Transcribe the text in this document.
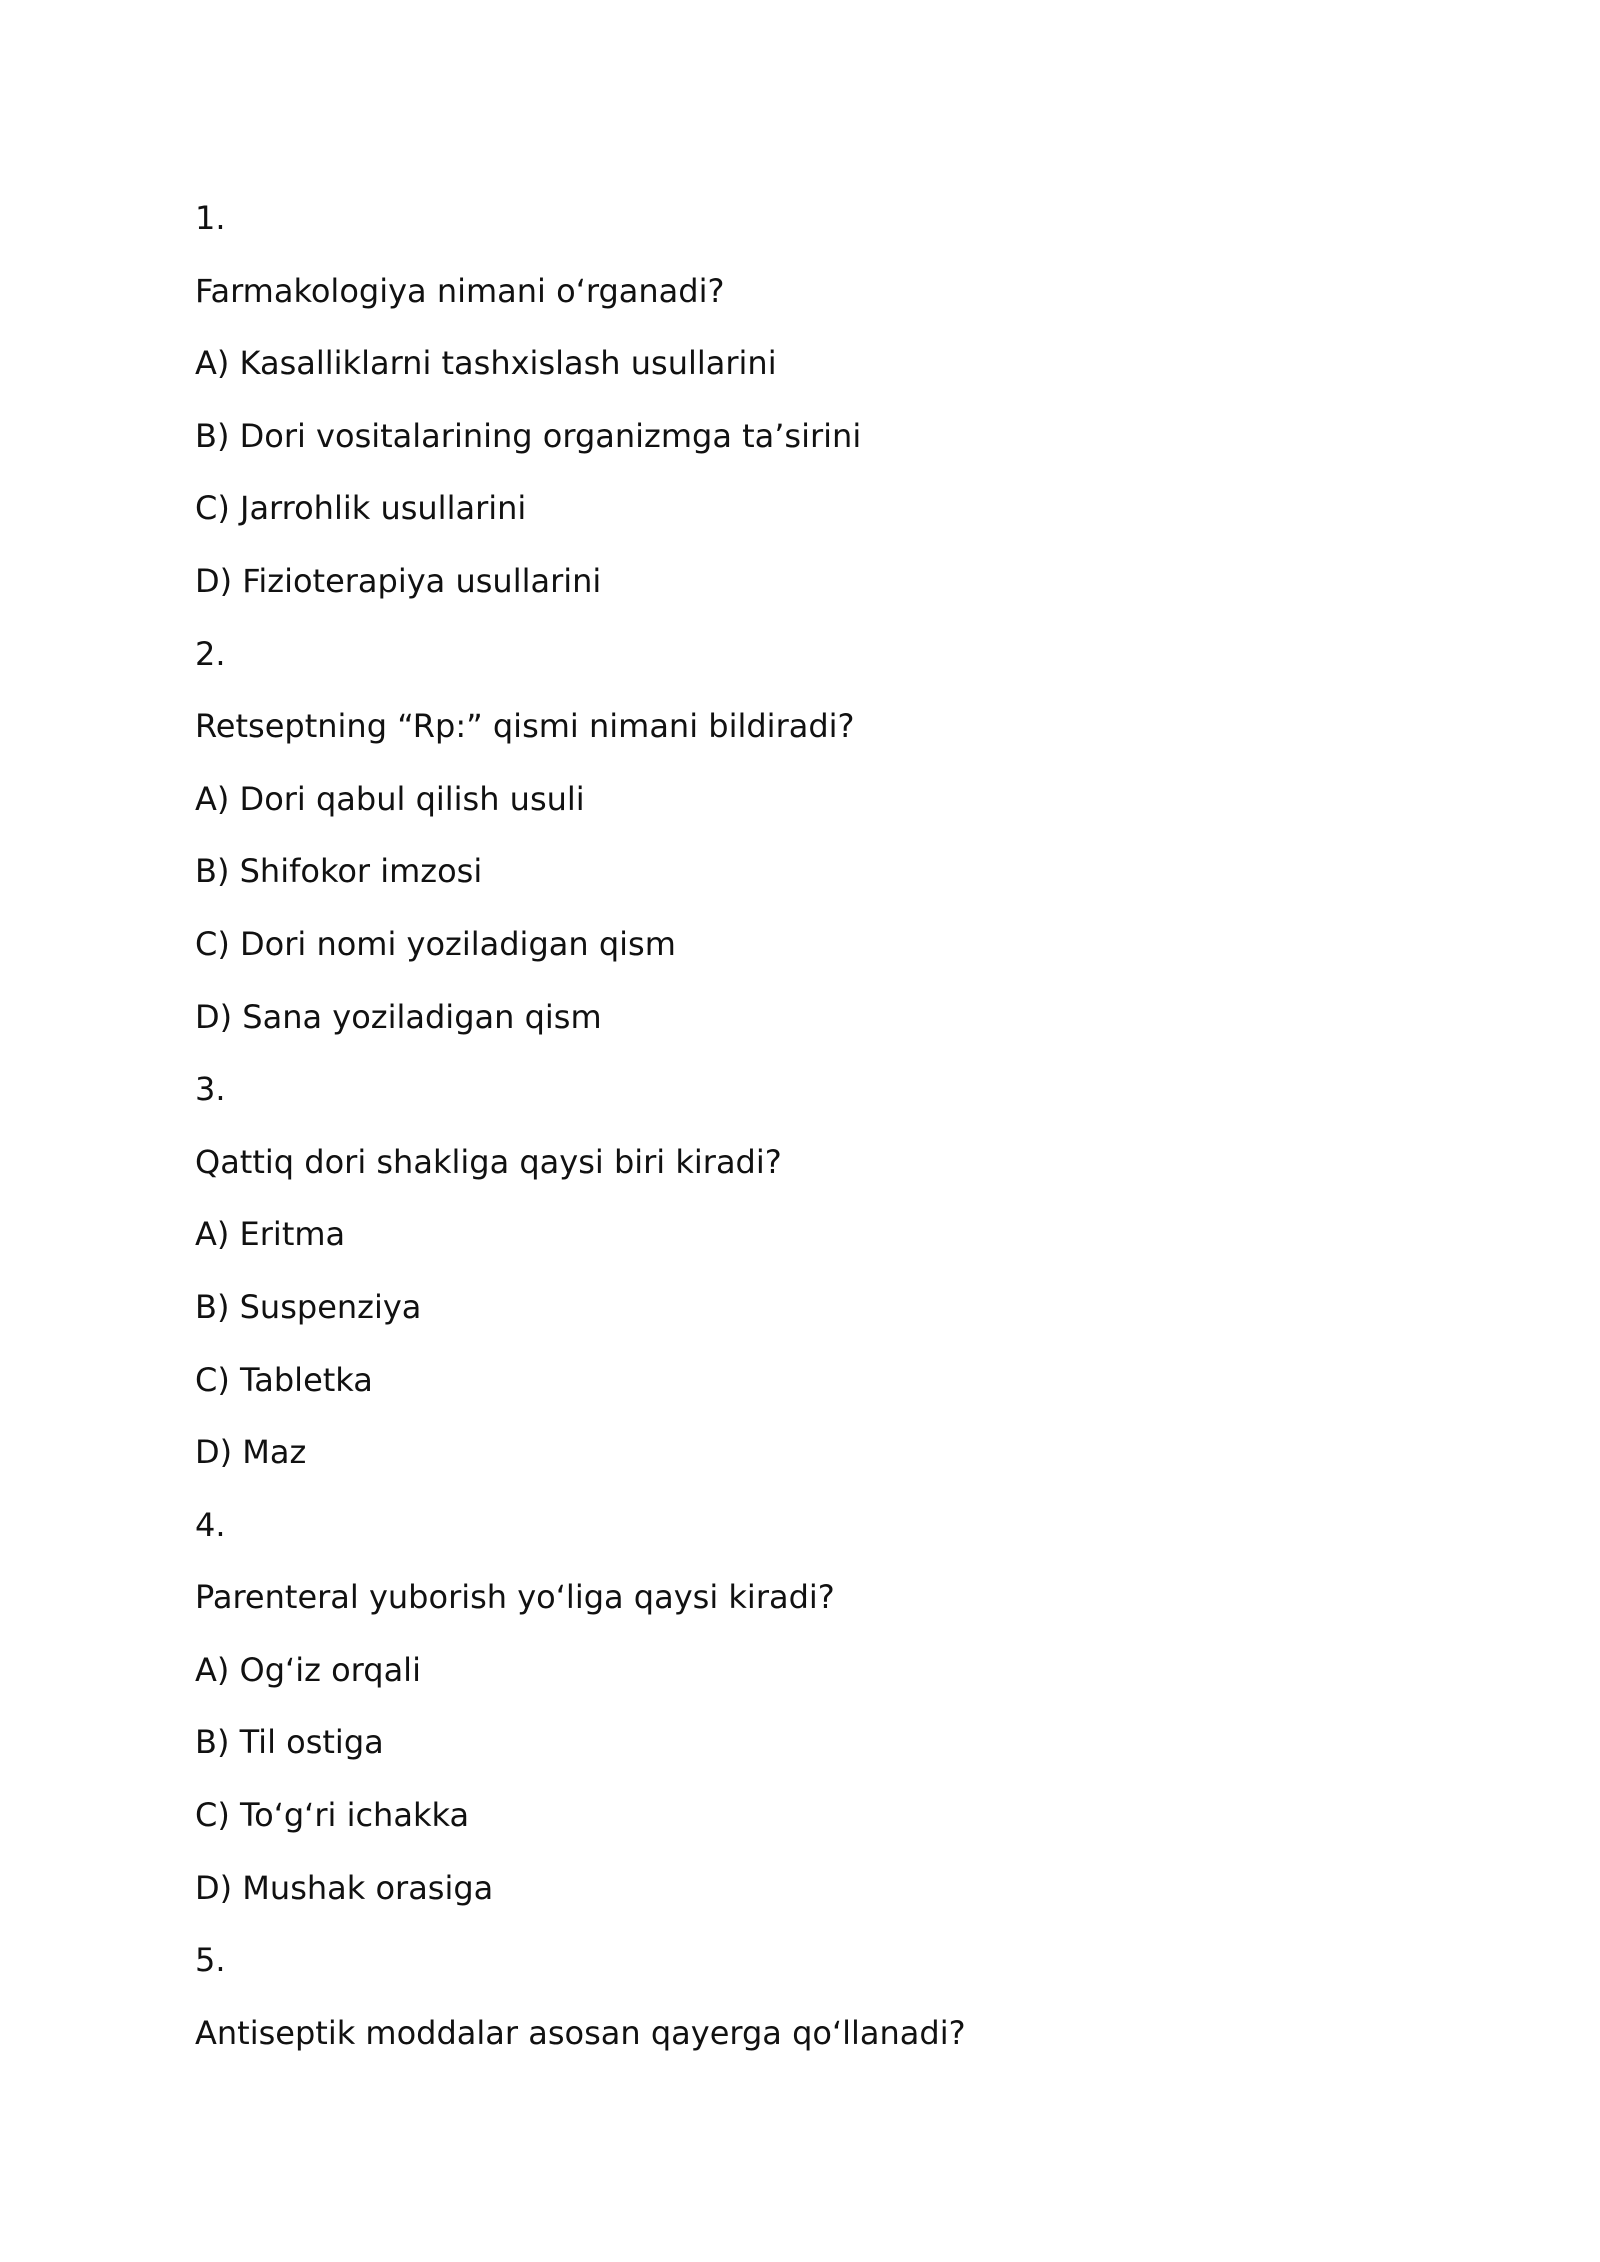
1.
Farmakologiya nimani o‘rganadi?
A) Kasalliklarni tashxislash usullarini
B) Dori vositalarining organizmga ta’sirini
C) Jarrohlik usullarini
D) Fizioterapiya usullarini
2.
Retseptning “Rp:” qismi nimani bildiradi?
A) Dori qabul qilish usuli
B) Shifokor imzosi
C) Dori nomi yoziladigan qism
D) Sana yoziladigan qism
3.
Qattiq dori shakliga qaysi biri kiradi?
A) Eritma
B) Suspenziya
C) Tabletka
D) Maz
4.
Parenteral yuborish yo‘liga qaysi kiradi?
A) Og‘iz orqali
B) Til ostiga
C) To‘g‘ri ichakka
D) Mushak orasiga
5.
Antiseptik moddalar asosan qayerga qo‘llanadi?
